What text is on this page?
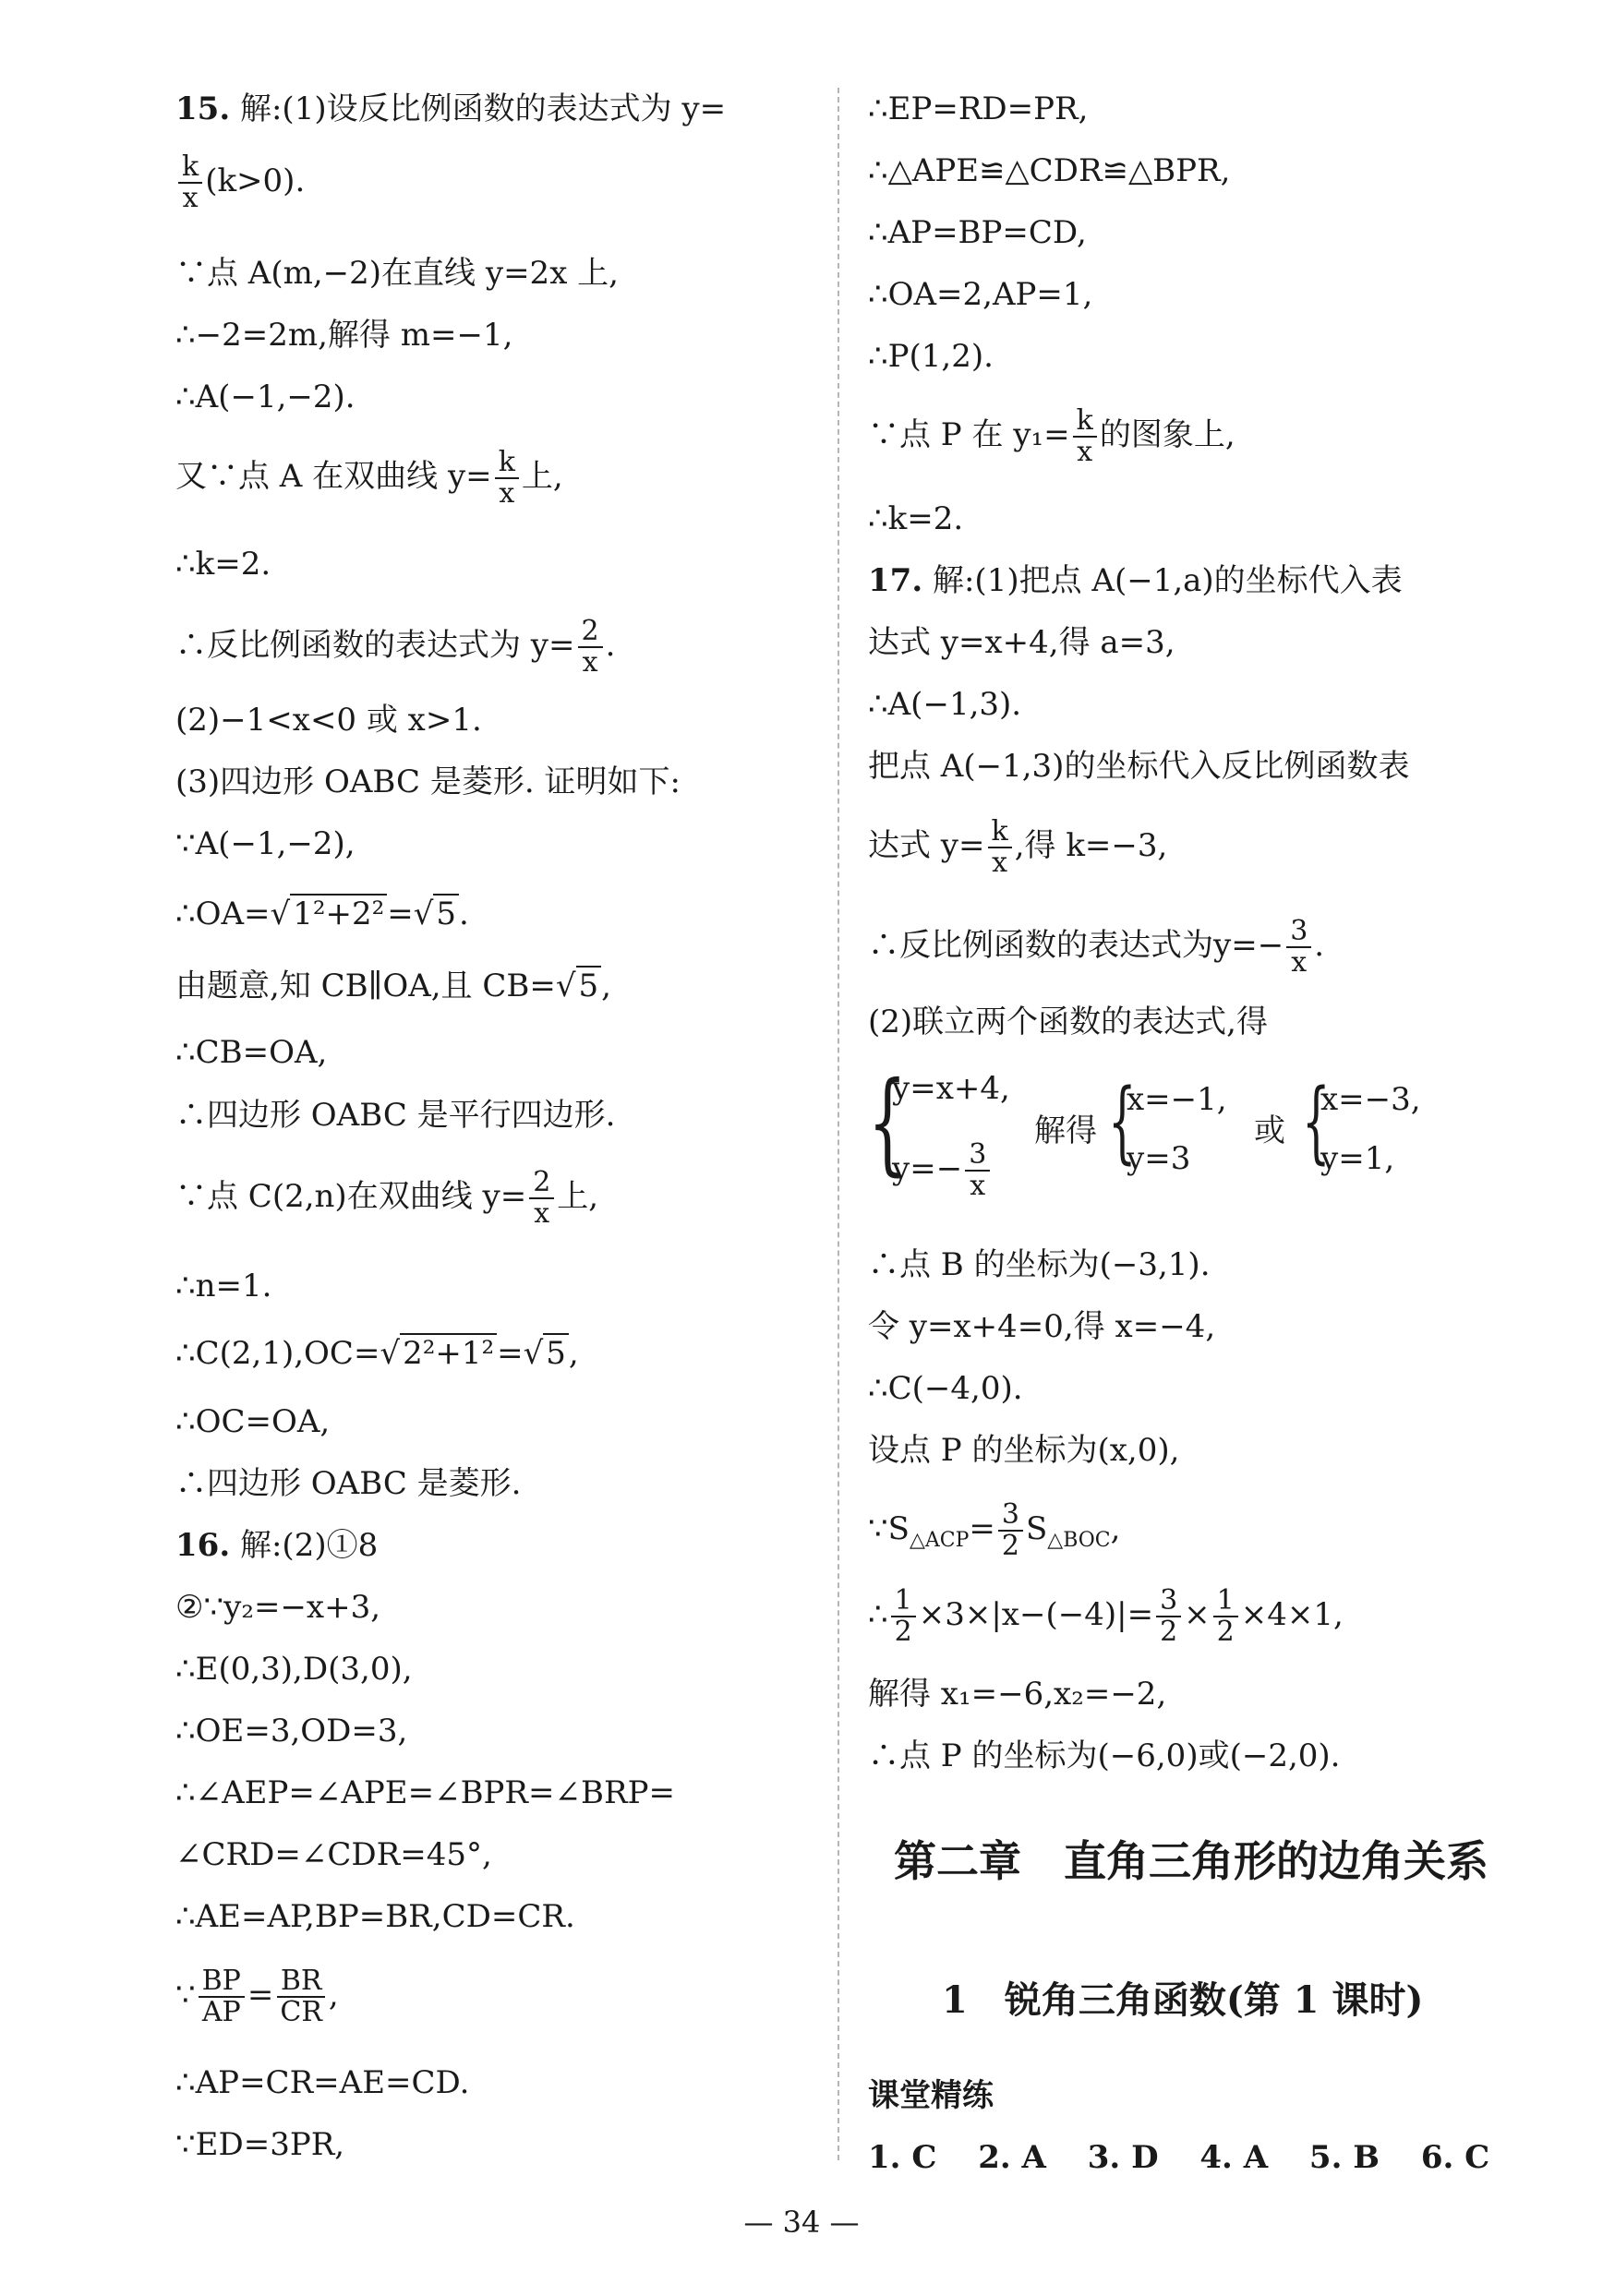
15. 解:(1)设反比例函数的表达式为 y=
$\frac{k}{x} (k>0)$.
∵点 A(m,−2)在直线 y=2x 上,
∴−2=2m,解得 m=−1,
∴A(−1,−2).
又∵点 A 在双曲线 $y= \frac{k}{x}$ 上,
∴k=2.
∴反比例函数的表达式为 $y= \frac{2}{x}$ .
(2)−1<x<0 或 x>1.
(3)四边形 OABC 是菱形. 证明如下:
∵A(−1,−2),
∴OA=√1²+2²=√5.
由题意,知 CB∥OA,且 CB=√5,
∴CB=OA,
∴四边形 OABC 是平行四边形.
∵点 C(2,n)在双曲线 $y= \frac{2}{x}$ 上,
∴n=1.
∴C(2,1),OC=√2²+1²=√5,
∴OC=OA,
∴四边形 OABC 是菱形.
16. 解:(2)①8
②∵y₂=−x+3,
∴E(0,3),D(3,0),
∴OE=3,OD=3,
∴∠AEP=∠APE=∠BPR=∠BRP=
∠CRD=∠CDR=45°,
∴AE=AP,BP=BR,CD=CR.
∵ $\frac{BP}{AP} = \frac{BR}{CR}$ ,
∴AP=CR=AE=CD.
∵ED=3PR,
∴EP=RD=PR,
∴△APE≌△CDR≌△BPR,
∴AP=BP=CD,
∴OA=2,AP=1,
∴P(1,2).
∵点 P 在 $y_1= \frac{k}{x}$ 的图象上,
∴k=2.
17. 解:(1)把点 A(−1,a)的坐标代入表
达式 y=x+4,得 a=3,
∴A(−1,3).
把点 A(−1,3)的坐标代入反比例函数表
达式 $y= \frac{k}{x}$ ,得 k=−3,
∴反比例函数的表达式为$y=- \frac{3}{x}$ .
(2)联立两个函数的表达式,得
{
y=x+4,
$y=- \frac{3}{x}$
解得 {
x=−1,
y=3
或 {
x=−3,
y=1,
∴点 B 的坐标为(−3,1).
令 y=x+4=0,得 x=−4,
∴C(−4,0).
设点 P 的坐标为(x,0),
$\because S_{\triangle ACP}= \frac{3}{2} S_{\triangle BOC}$,
∴ $\frac{1}{2} \times 3\times|x-(-4)|= \frac{3}{2} \times \frac{1}{2} \times 4\times 1$,
解得 x₁=−6,x₂=−2,
∴点 P 的坐标为(−6,0)或(−2,0).
第二章　直角三角形的边角关系
1　锐角三角函数(第 1 课时)
课堂精练
1. C　 2. A　 3. D　 4. A　 5. B　 6. C
— 34 —
